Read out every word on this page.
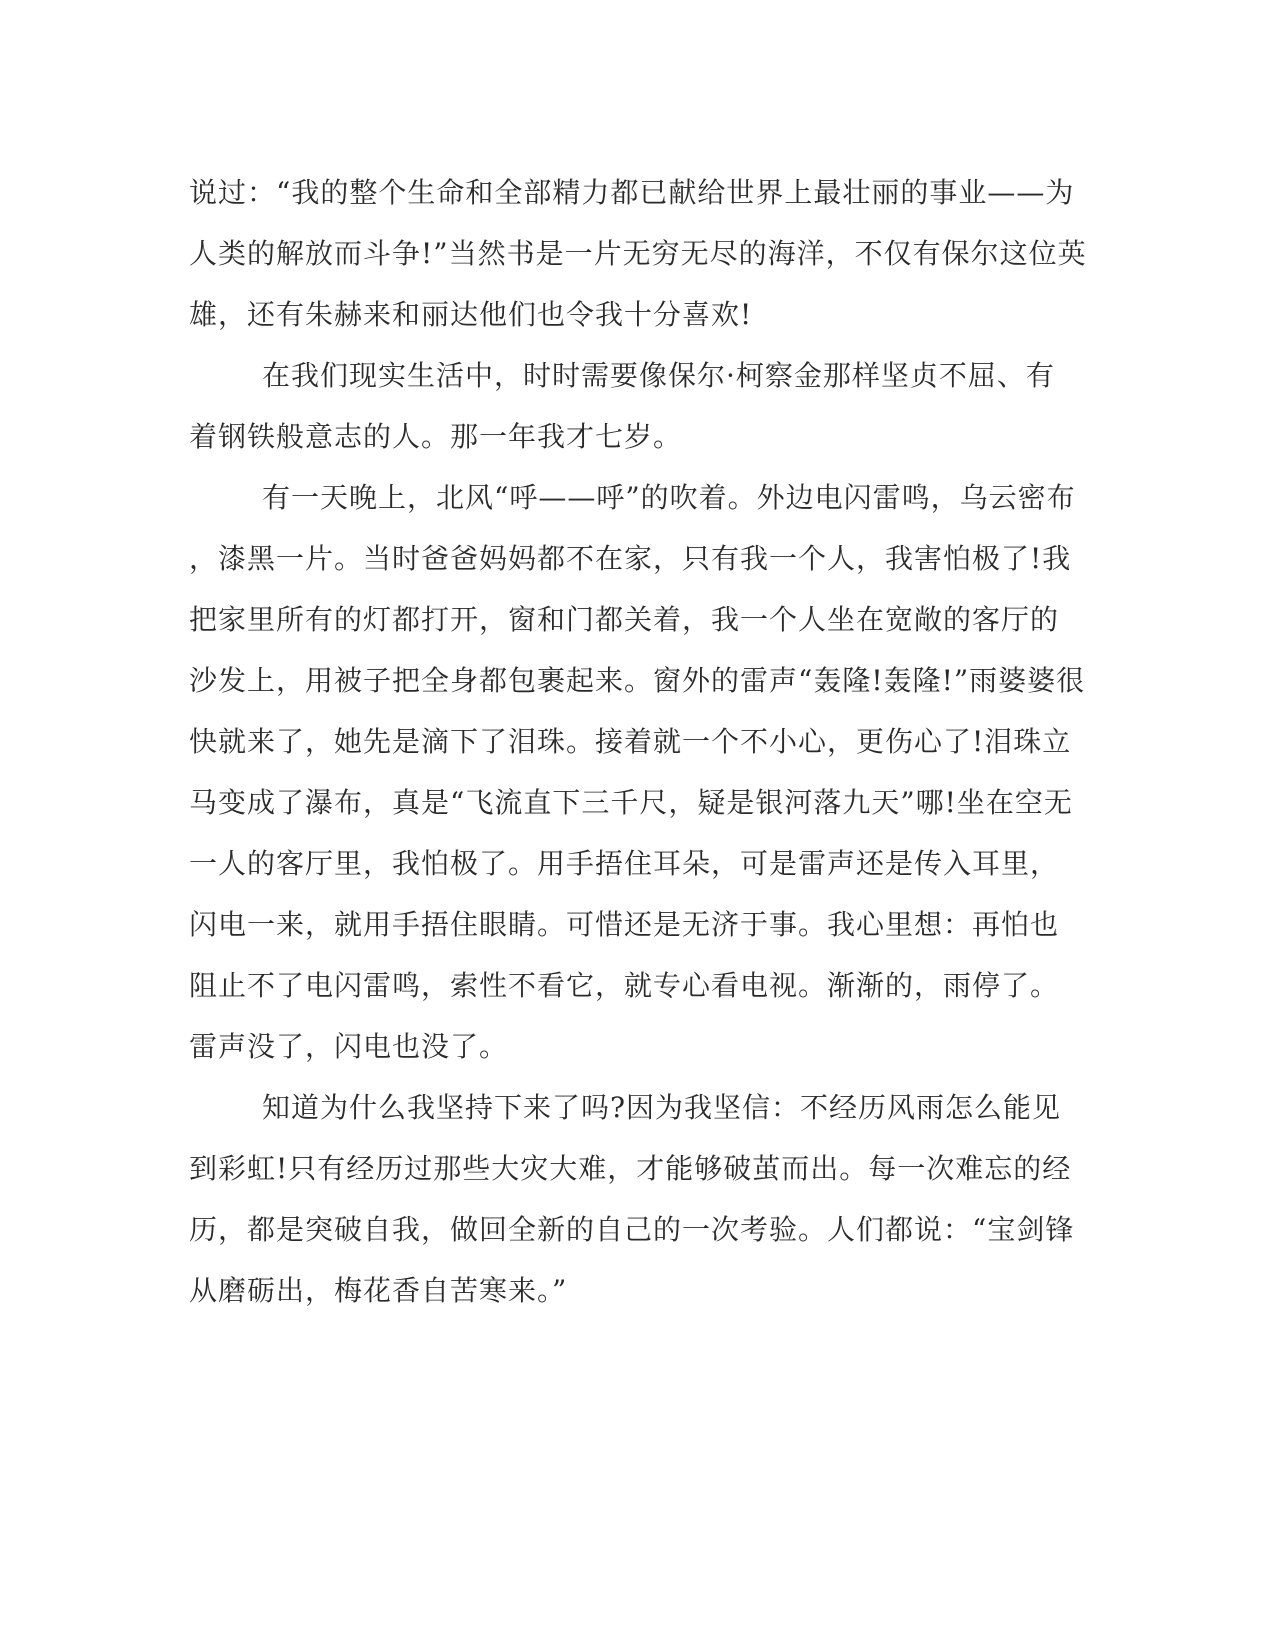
说过：“我的整个生命和全部精力都已献给世界上最壮丽的事业——为
人类的解放而斗争!”当然书是一片无穷无尽的海洋，不仅有保尔这位英
雄，还有朱赫来和丽达他们也令我十分喜欢!
在我们现实生活中，时时需要像保尔·柯察金那样坚贞不屈、有
着钢铁般意志的人。那一年我才七岁。
有一天晚上，北风“呼——呼”的吹着。外边电闪雷鸣，乌云密布
，漆黑一片。当时爸爸妈妈都不在家，只有我一个人，我害怕极了!我
把家里所有的灯都打开，窗和门都关着，我一个人坐在宽敞的客厅的
沙发上，用被子把全身都包裹起来。窗外的雷声“轰隆!轰隆!”雨婆婆很
快就来了，她先是滴下了泪珠。接着就一个不小心，更伤心了!泪珠立
马变成了瀑布，真是“飞流直下三千尺，疑是银河落九天”哪!坐在空无
一人的客厅里，我怕极了。用手捂住耳朵，可是雷声还是传入耳里，
闪电一来，就用手捂住眼睛。可惜还是无济于事。我心里想：再怕也
阻止不了电闪雷鸣，索性不看它，就专心看电视。渐渐的，雨停了。
雷声没了，闪电也没了。
知道为什么我坚持下来了吗?因为我坚信：不经历风雨怎么能见
到彩虹!只有经历过那些大灾大难，才能够破茧而出。每一次难忘的经
历，都是突破自我，做回全新的自己的一次考验。人们都说：“宝剑锋
从磨砺出，梅花香自苦寒来。”
